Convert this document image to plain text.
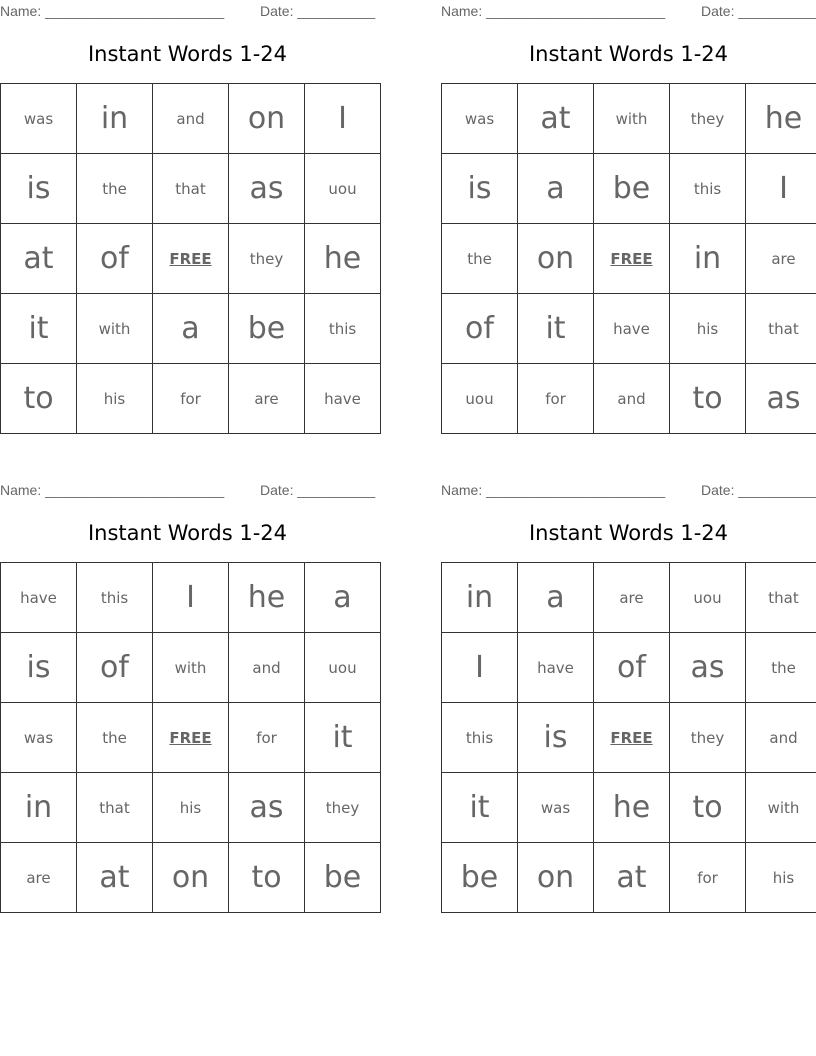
Name: _______________________	Date: __________
Instant Words 1-24
was	in	and	on	I
is	the	that	as	uou
at	of	FREE	they	he
it	with	a	be	this
to	his	for	are	have
Name: _______________________	Date: __________
Instant Words 1-24
was	at	with	they	he
is	a	be	this	I
the	on	FREE	in	are
of	it	have	his	that
uou	for	and	to	as
Name: _______________________	Date: __________
Instant Words 1-24
have	this	I	he	a
is	of	with	and	uou
was	the	FREE	for	it
in	that	his	as	they
are	at	on	to	be
Name: _______________________	Date: __________
Instant Words 1-24
in	a	are	uou	that
I	have	of	as	the
this	is	FREE	they	and
it	was	he	to	with
be	on	at	for	his
